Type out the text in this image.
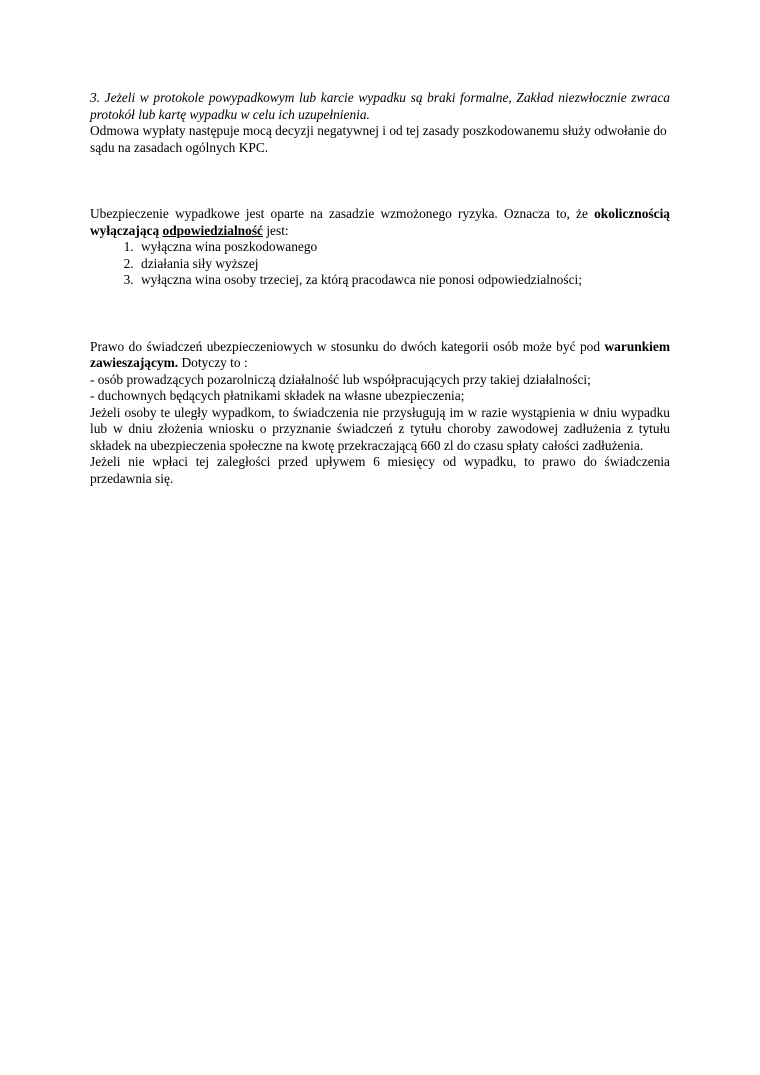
3. Jeżeli w protokole powypadkowym lub karcie wypadku są braki formalne, Zakład niezwłocznie zwraca protokół lub kartę wypadku w celu ich uzupełnienia.

Odmowa wypłaty następuje mocą decyzji negatywnej i od tej zasady poszkodowanemu służy odwołanie do sądu na zasadach ogólnych KPC.

Ubezpieczenie wypadkowe jest oparte na zasadzie wzmożonego ryzyka. Oznacza to, że okolicznością wyłączającą odpowiedzialność jest:

1. wyłączna wina poszkodowanego
2. działania siły wyższej
3. wyłączna wina osoby trzeciej, za którą pracodawca nie ponosi odpowiedzialności;

Prawo do świadczeń ubezpieczeniowych w stosunku do dwóch kategorii osób może być pod warunkiem zawieszającym. Dotyczy to :

- osób prowadzących pozarolniczą działalność lub współpracujących przy takiej działalności;

- duchownych będących płatnikami składek na własne ubezpieczenia;

Jeżeli osoby te uległy wypadkom, to świadczenia nie przysługują im w razie wystąpienia w dniu wypadku lub w dniu złożenia wniosku o przyznanie świadczeń z tytułu choroby zawodowej zadłużenia z tytułu składek na ubezpieczenia społeczne na kwotę przekraczającą 660 zl do czasu spłaty całości zadłużenia.

Jeżeli nie wpłaci tej zaległości przed upływem 6 miesięcy od wypadku, to prawo do świadczenia przedawnia się.
